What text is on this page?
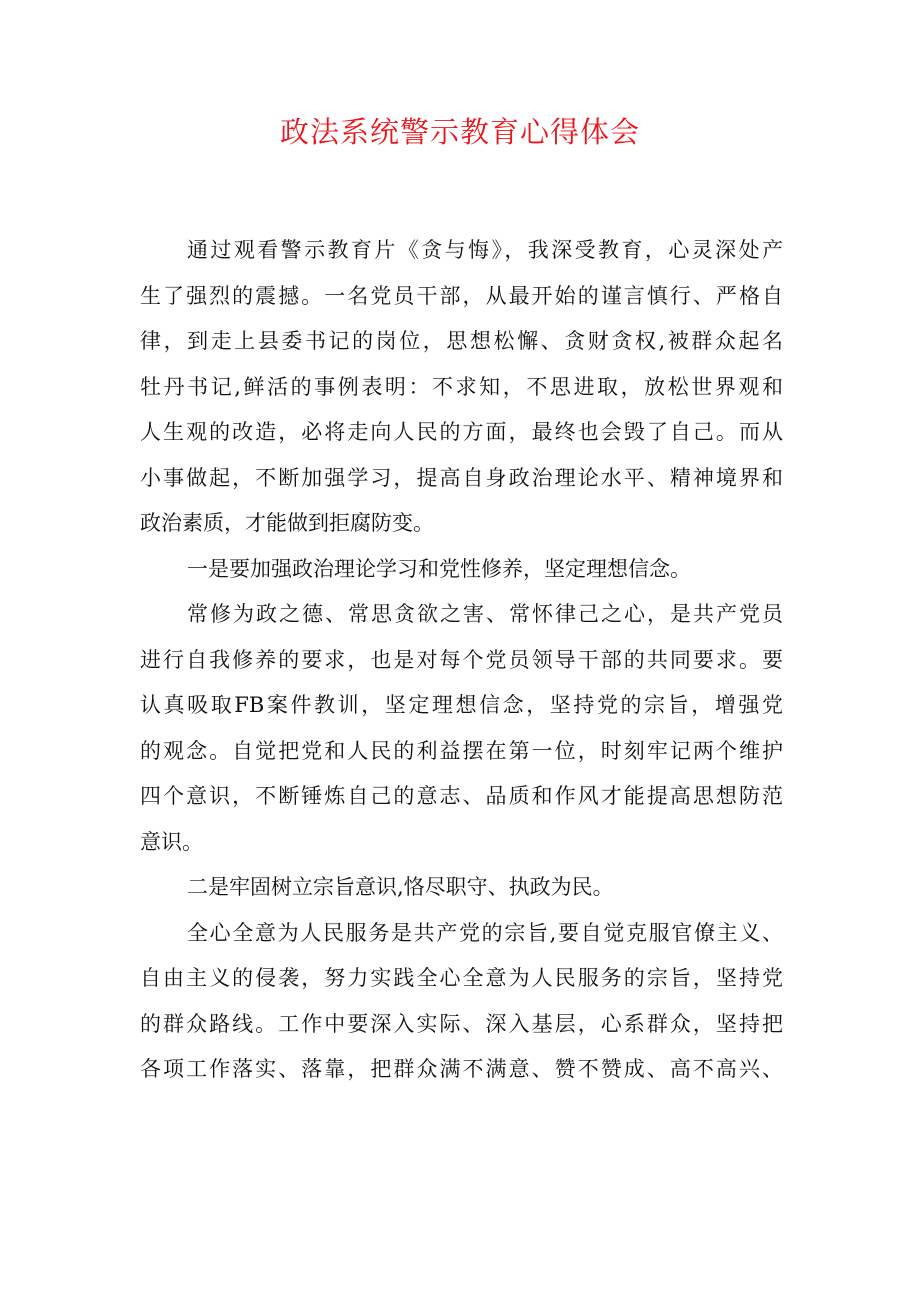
政法系统警示教育心得体会
通过观看警示教育片《贪与悔》，我深受教育，心灵深处产
生了强烈的震撼。一名党员干部，从最开始的谨言慎行、严格自
律，到走上县委书记的岗位，思想松懈、贪财贪权,被群众起名
牡丹书记,鲜活的事例表明：不求知，不思进取，放松世界观和
人生观的改造，必将走向人民的方面，最终也会毁了自己。而从
小事做起，不断加强学习，提高自身政治理论水平、精神境界和
政治素质，才能做到拒腐防变。
一是要加强政治理论学习和党性修养，坚定理想信念。
常修为政之德、常思贪欲之害、常怀律己之心，是共产党员
进行自我修养的要求，也是对每个党员领导干部的共同要求。要
认真吸取FB案件教训，坚定理想信念，坚持党的宗旨，增强党
的观念。自觉把党和人民的利益摆在第一位，时刻牢记两个维护
四个意识，不断锤炼自己的意志、品质和作风才能提高思想防范
意识。
二是牢固树立宗旨意识,恪尽职守、执政为民。
全心全意为人民服务是共产党的宗旨,要自觉克服官僚主义、
自由主义的侵袭，努力实践全心全意为人民服务的宗旨，坚持党
的群众路线。工作中要深入实际、深入基层，心系群众，坚持把
各项工作落实、落靠，把群众满不满意、赞不赞成、高不高兴、
